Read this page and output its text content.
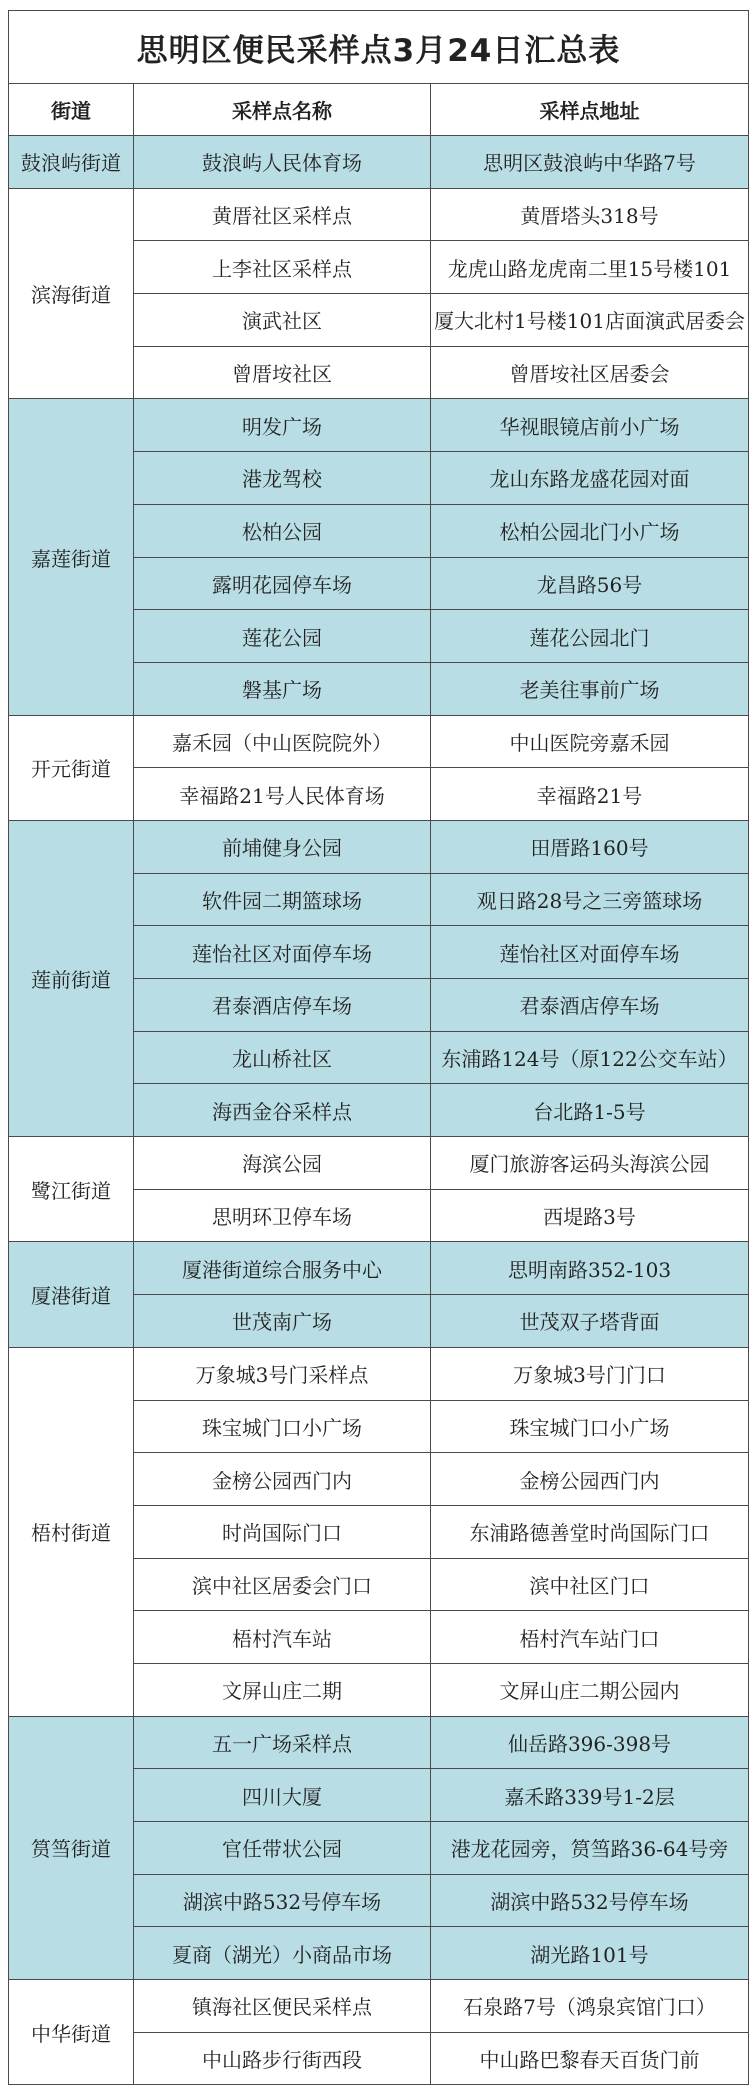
思明区便民采样点3月24日汇总表		
街道	采样点名称	采样点地址
鼓浪屿街道	鼓浪屿人民体育场	思明区鼓浪屿中华路7号
滨海街道	黄厝社区采样点	黄厝塔头318号
	上李社区采样点	龙虎山路龙虎南二里15号楼101
	演武社区	厦大北村1号楼101店面演武居委会
	曾厝垵社区	曾厝垵社区居委会
嘉莲街道	明发广场	华视眼镜店前小广场
	港龙驾校	龙山东路龙盛花园对面
	松柏公园	松柏公园北门小广场
	露明花园停车场	龙昌路56号
	莲花公园	莲花公园北门
	磐基广场	老美往事前广场
开元街道	嘉禾园（中山医院院外）	中山医院旁嘉禾园
	幸福路21号人民体育场	幸福路21号
莲前街道	前埔健身公园	田厝路160号
	软件园二期篮球场	观日路28号之三旁篮球场
	莲怡社区对面停车场	莲怡社区对面停车场
	君泰酒店停车场	君泰酒店停车场
	龙山桥社区	东浦路124号（原122公交车站）
	海西金谷采样点	台北路1-5号
鹭江街道	海滨公园	厦门旅游客运码头海滨公园
	思明环卫停车场	西堤路3号
厦港街道	厦港街道综合服务中心	思明南路352-103
	世茂南广场	世茂双子塔背面
梧村街道	万象城3号门采样点	万象城3号门门口
	珠宝城门口小广场	珠宝城门口小广场
	金榜公园西门内	金榜公园西门内
	时尚国际门口	东浦路德善堂时尚国际门口
	滨中社区居委会门口	滨中社区门口
	梧村汽车站	梧村汽车站门口
	文屏山庄二期	文屏山庄二期公园内
筼筜街道	五一广场采样点	仙岳路396-398号
	四川大厦	嘉禾路339号1-2层
	官任带状公园	港龙花园旁，筼筜路36-64号旁
	湖滨中路532号停车场	湖滨中路532号停车场
	夏商（湖光）小商品市场	湖光路101号
中华街道	镇海社区便民采样点	石泉路7号（鸿泉宾馆门口）
	中山路步行街西段	中山路巴黎春天百货门前
